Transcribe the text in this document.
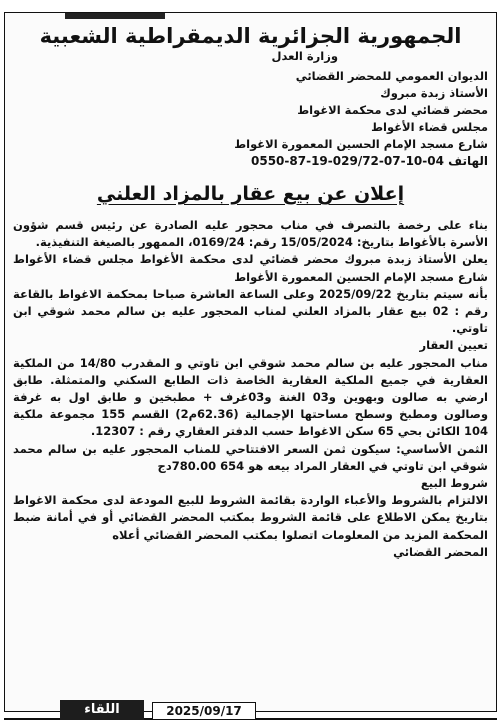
الجمهورية الجزائرية الديمقراطية الشعبية
وزارة العدل
الديوان العمومي للمحضر القضائي
الأستاذ زبدة مبروك
محضر قضائي لدى محكمة الاغواط
مجلس قضاء الأغواط
شارع مسجد الإمام الحسين المعمورة الاغواط
الهاتف 04-10-07-029/72-19-87-0550
إعلان عن بيع عقار بالمزاد العلني

بناء على رخصة بالتصرف في مناب محجور عليه الصادرة عن رئيس قسم شؤون الأسرة بالأغواط بتاريخ: 15/05/2024 رقم: 0169/24، الممهور بالصيغة التنفيذية.

يعلن الأستاذ زبدة مبروك محضر قضائي لدى محكمة الأغواط مجلس قضاء الأغواط شارع مسجد الإمام الحسين المعمورة الأغواط

بأنه سيتم بتاريخ 2025/09/22 وعلى الساعة العاشرة صباحا بمحكمة الاغواط بالقاعة رقم : 02 بيع عقار بالمزاد العلني لمناب المحجور عليه بن سالم محمد شوقي ابن تاوتي.

تعيين العقار

مناب المحجور عليه بن سالم محمد شوقي ابن تاوتي و المقدرب 14/80 من الملكية العقارية في جميع الملكية العقارية الخاصة ذات الطابع السكني والمتمثلة. طابق ارضي به صالون وبهوين و03 الغنة و03غرف + مطبخين و طابق اول به غرفة وصالون ومطبخ وسطح مساحتها الإجمالية (62.36م2) القسم 155 مجموعة ملكية 104 الكائن بحي 65 سكن الاغواط حسب الدفتر العقاري رقم : 12307.

الثمن الأساسي: سيكون ثمن السعر الافتتاحي للمناب المحجور عليه بن سالم محمد شوقي ابن تاوتي في العقار المراد بيعه هو 654 780.00دج

شروط البيع

الالتزام بالشروط والأعباء الواردة بقائمة الشروط للبيع المودعة لدى محكمة الاغواط بتاريخ يمكن الاطلاع على قائمة الشروط بمكتب المحضر القضائي أو في أمانة ضبط المحكمة المزيد من المعلومات اتصلوا بمكتب المحضر القضائي أعلاه

المحضر القضائي
2025/09/17
اللقاء
